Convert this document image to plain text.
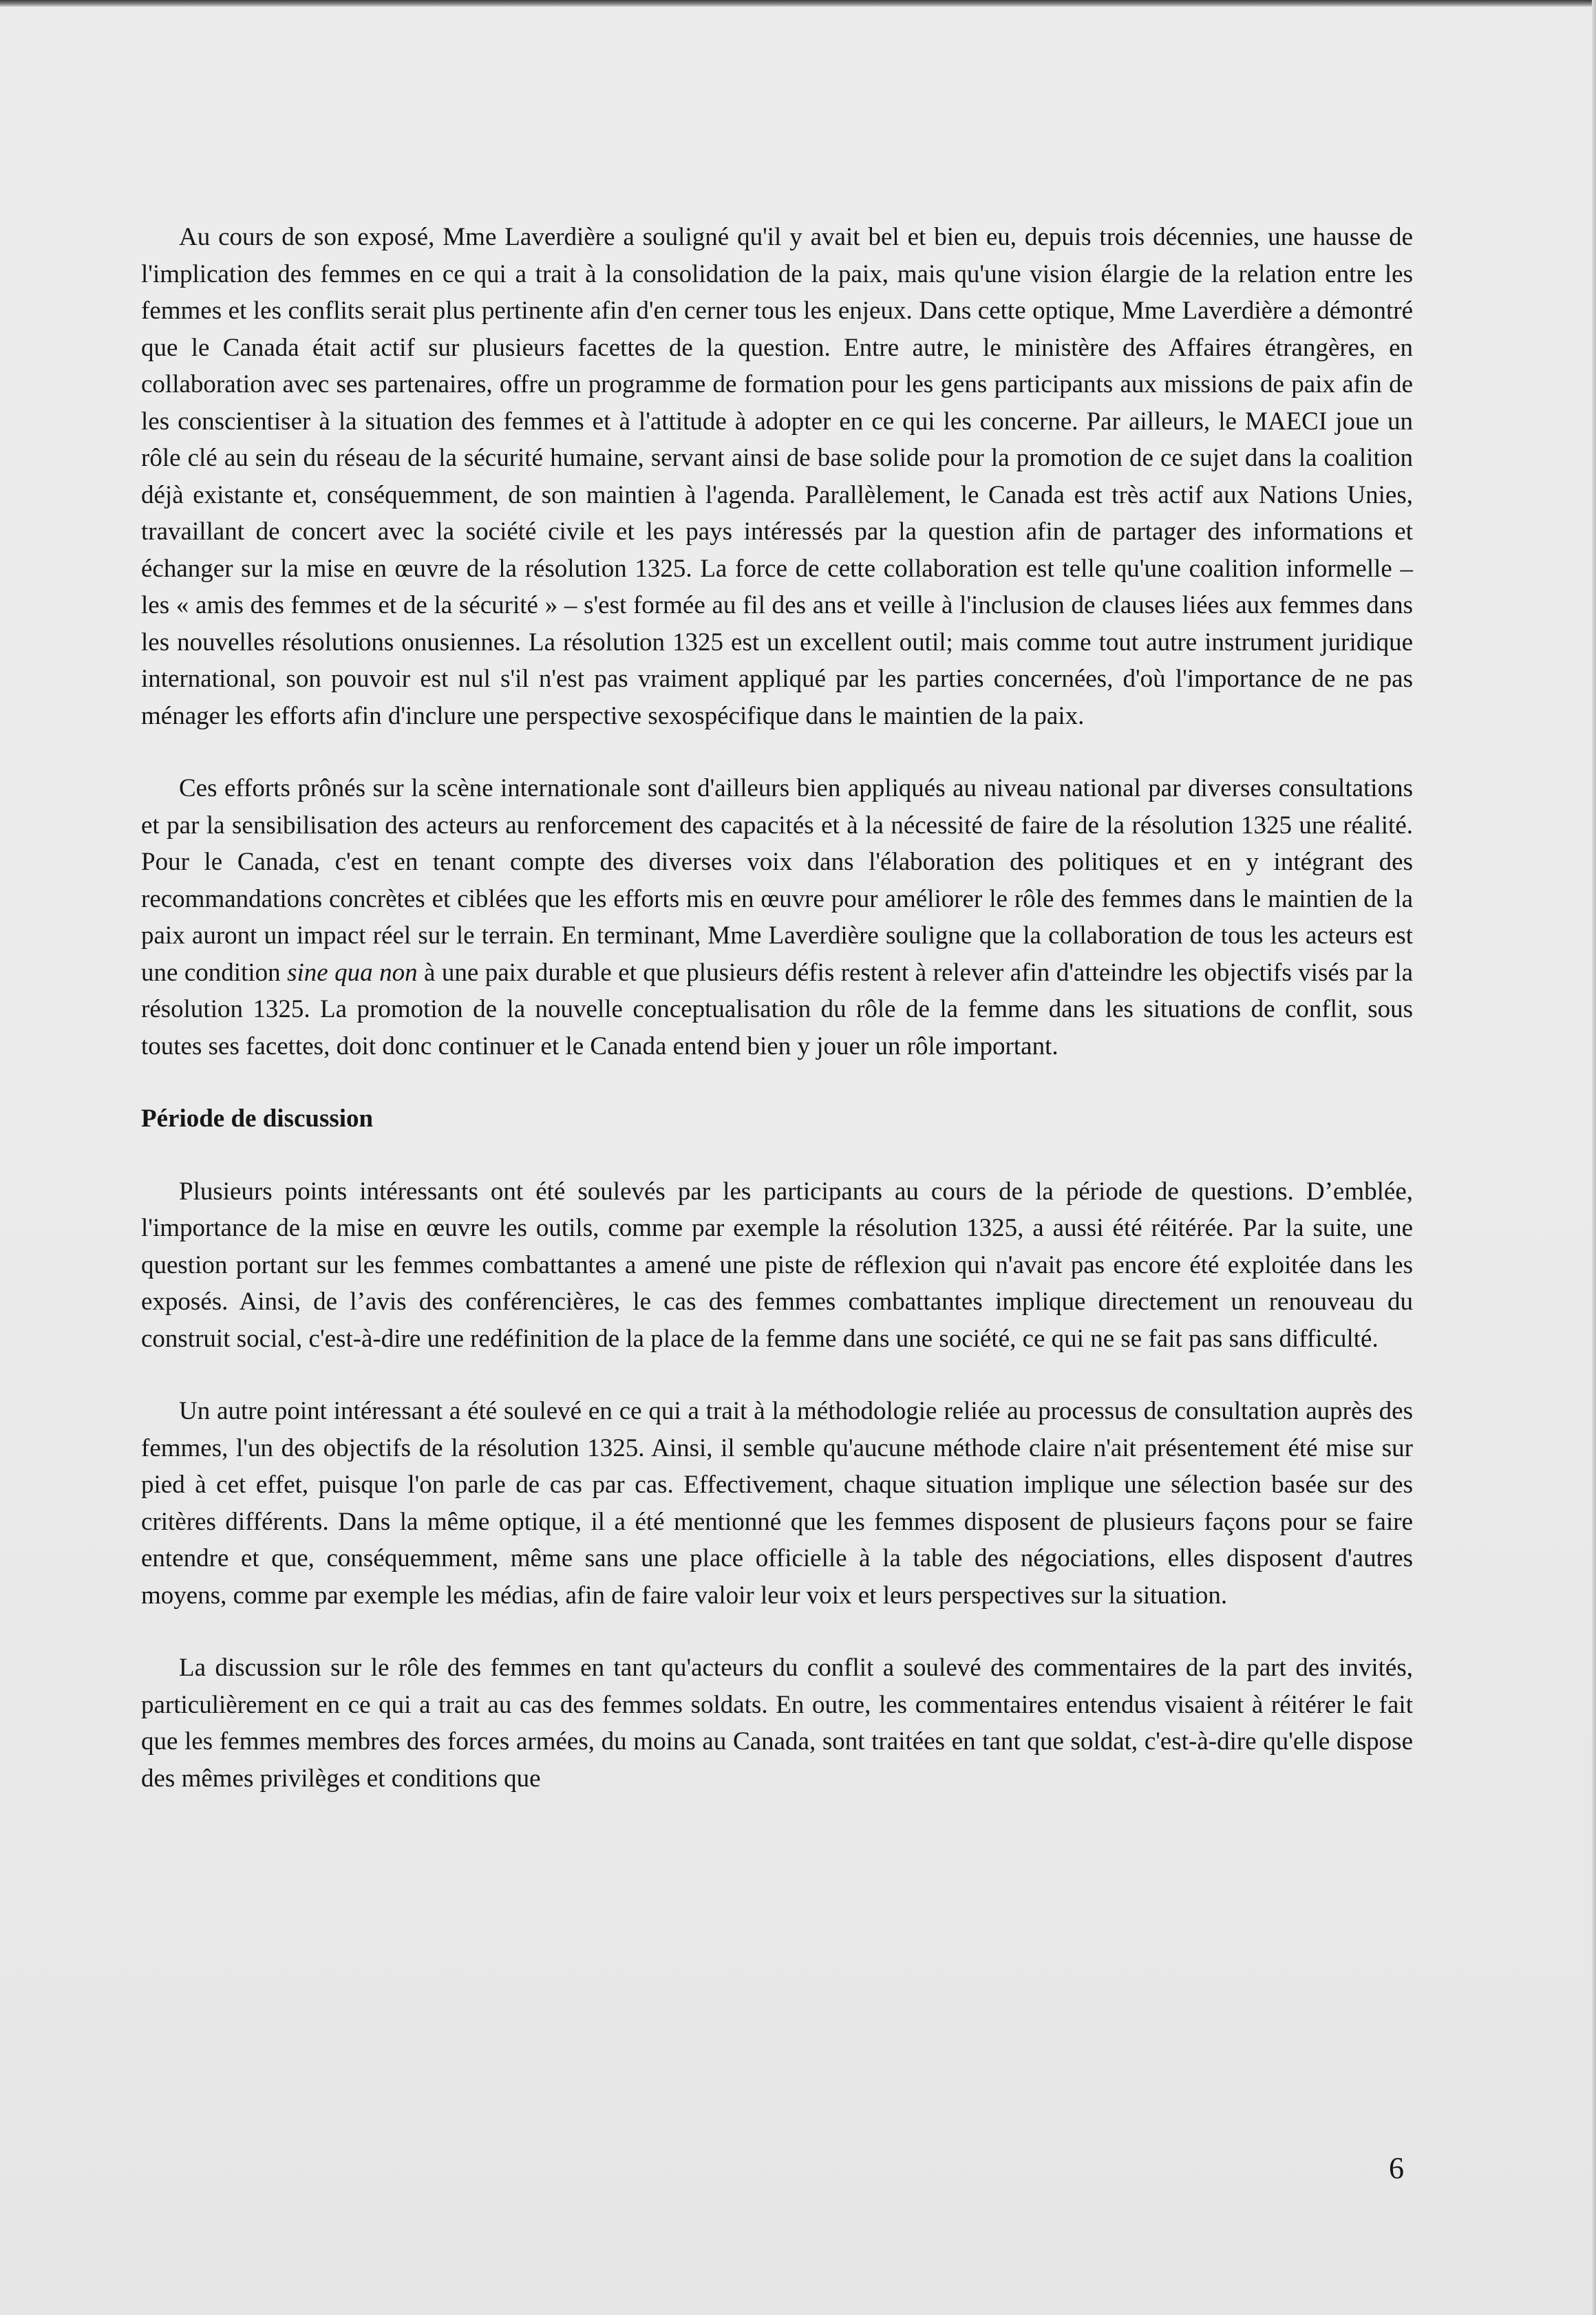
Au cours de son exposé, Mme Laverdière a souligné qu'il y avait bel et bien eu, depuis trois décennies, une hausse de l'implication des femmes en ce qui a trait à la consolidation de la paix, mais qu'une vision élargie de la relation entre les femmes et les conflits serait plus pertinente afin d'en cerner tous les enjeux. Dans cette optique, Mme Laverdière a démontré que le Canada était actif sur plusieurs facettes de la question. Entre autre, le ministère des Affaires étrangères, en collaboration avec ses partenaires, offre un programme de formation pour les gens participants aux missions de paix afin de les conscientiser à la situation des femmes et à l'attitude à adopter en ce qui les concerne. Par ailleurs, le MAECI joue un rôle clé au sein du réseau de la sécurité humaine, servant ainsi de base solide pour la promotion de ce sujet dans la coalition déjà existante et, conséquemment, de son maintien à l'agenda. Parallèlement, le Canada est très actif aux Nations Unies, travaillant de concert avec la société civile et les pays intéressés par la question afin de partager des informations et échanger sur la mise en œuvre de la résolution 1325. La force de cette collaboration est telle qu'une coalition informelle – les « amis des femmes et de la sécurité » – s'est formée au fil des ans et veille à l'inclusion de clauses liées aux femmes dans les nouvelles résolutions onusiennes. La résolution 1325 est un excellent outil; mais comme tout autre instrument juridique international, son pouvoir est nul s'il n'est pas vraiment appliqué par les parties concernées, d'où l'importance de ne pas ménager les efforts afin d'inclure une perspective sexospécifique dans le maintien de la paix.

Ces efforts prônés sur la scène internationale sont d'ailleurs bien appliqués au niveau national par diverses consultations et par la sensibilisation des acteurs au renforcement des capacités et à la nécessité de faire de la résolution 1325 une réalité. Pour le Canada, c'est en tenant compte des diverses voix dans l'élaboration des politiques et en y intégrant des recommandations concrètes et ciblées que les efforts mis en œuvre pour améliorer le rôle des femmes dans le maintien de la paix auront un impact réel sur le terrain. En terminant, Mme Laverdière souligne que la collaboration de tous les acteurs est une condition sine qua non à une paix durable et que plusieurs défis restent à relever afin d'atteindre les objectifs visés par la résolution 1325. La promotion de la nouvelle conceptualisation du rôle de la femme dans les situations de conflit, sous toutes ses facettes, doit donc continuer et le Canada entend bien y jouer un rôle important.

Période de discussion

Plusieurs points intéressants ont été soulevés par les participants au cours de la période de questions. D’emblée, l'importance de la mise en œuvre les outils, comme par exemple la résolution 1325, a aussi été réitérée. Par la suite, une question portant sur les femmes combattantes a amené une piste de réflexion qui n'avait pas encore été exploitée dans les exposés. Ainsi, de l’avis des conférencières, le cas des femmes combattantes implique directement un renouveau du construit social, c'est-à-dire une redéfinition de la place de la femme dans une société, ce qui ne se fait pas sans difficulté.

Un autre point intéressant a été soulevé en ce qui a trait à la méthodologie reliée au processus de consultation auprès des femmes, l'un des objectifs de la résolution 1325. Ainsi, il semble qu'aucune méthode claire n'ait présentement été mise sur pied à cet effet, puisque l'on parle de cas par cas. Effectivement, chaque situation implique une sélection basée sur des critères différents. Dans la même optique, il a été mentionné que les femmes disposent de plusieurs façons pour se faire entendre et que, conséquemment, même sans une place officielle à la table des négociations, elles disposent d'autres moyens, comme par exemple les médias, afin de faire valoir leur voix et leurs perspectives sur la situation.

La discussion sur le rôle des femmes en tant qu'acteurs du conflit a soulevé des commentaires de la part des invités, particulièrement en ce qui a trait au cas des femmes soldats. En outre, les commentaires entendus visaient à réitérer le fait que les femmes membres des forces armées, du moins au Canada, sont traitées en tant que soldat, c'est-à-dire qu'elle dispose des mêmes privilèges et conditions que

6
